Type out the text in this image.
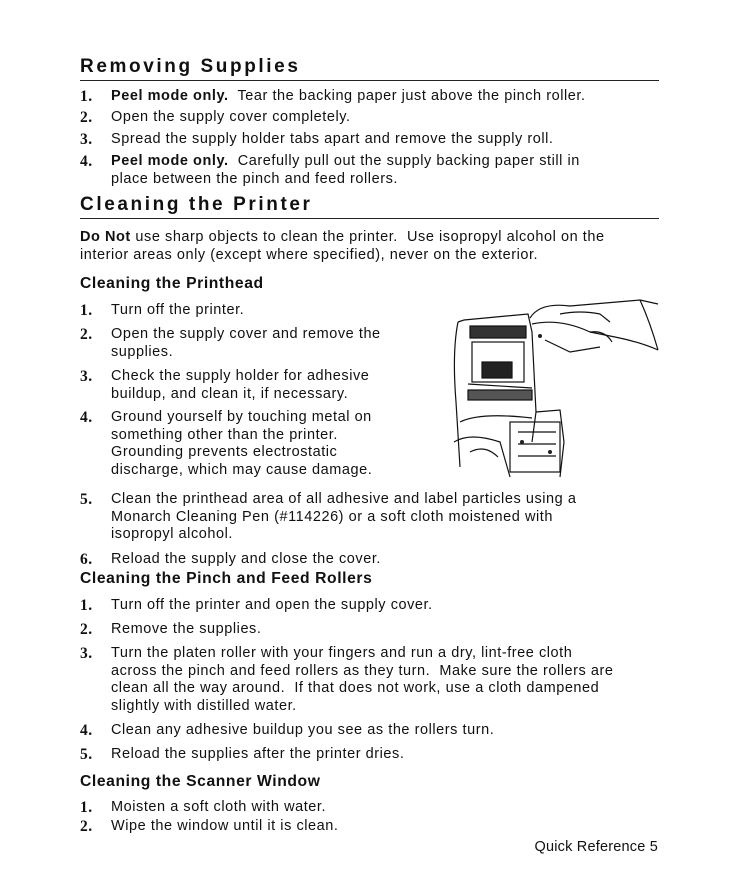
Removing Supplies
1. Peel mode only.  Tear the backing paper just above the pinch roller.
2. Open the supply cover completely.
3. Spread the supply holder tabs apart and remove the supply roll.
4. Peel mode only.  Carefully pull out the supply backing paper still in
place between the pinch and feed rollers.
Cleaning the Printer
Do Not use sharp objects to clean the printer.  Use isopropyl alcohol on the
interior areas only (except where specified), never on the exterior.
Cleaning the Printhead
1. Turn off the printer.
2. Open the supply cover and remove the
supplies.
3. Check the supply holder for adhesive
buildup, and clean it, if necessary.
4. Ground yourself by touching metal on
something other than the printer.
Grounding prevents electrostatic
discharge, which may cause damage.
5. Clean the printhead area of all adhesive and label particles using a
Monarch Cleaning Pen (#114226) or a soft cloth moistened with
isopropyl alcohol.
6. Reload the supply and close the cover.
Cleaning the Pinch and Feed Rollers
1. Turn off the printer and open the supply cover.
2. Remove the supplies.
3. Turn the platen roller with your fingers and run a dry, lint-free cloth
across the pinch and feed rollers as they turn.  Make sure the rollers are
clean all the way around.  If that does not work, use a cloth dampened
slightly with distilled water.
4. Clean any adhesive buildup you see as the rollers turn.
5. Reload the supplies after the printer dries.
Cleaning the Scanner Window
1. Moisten a soft cloth with water.
2. Wipe the window until it is clean.
Quick Reference 5
